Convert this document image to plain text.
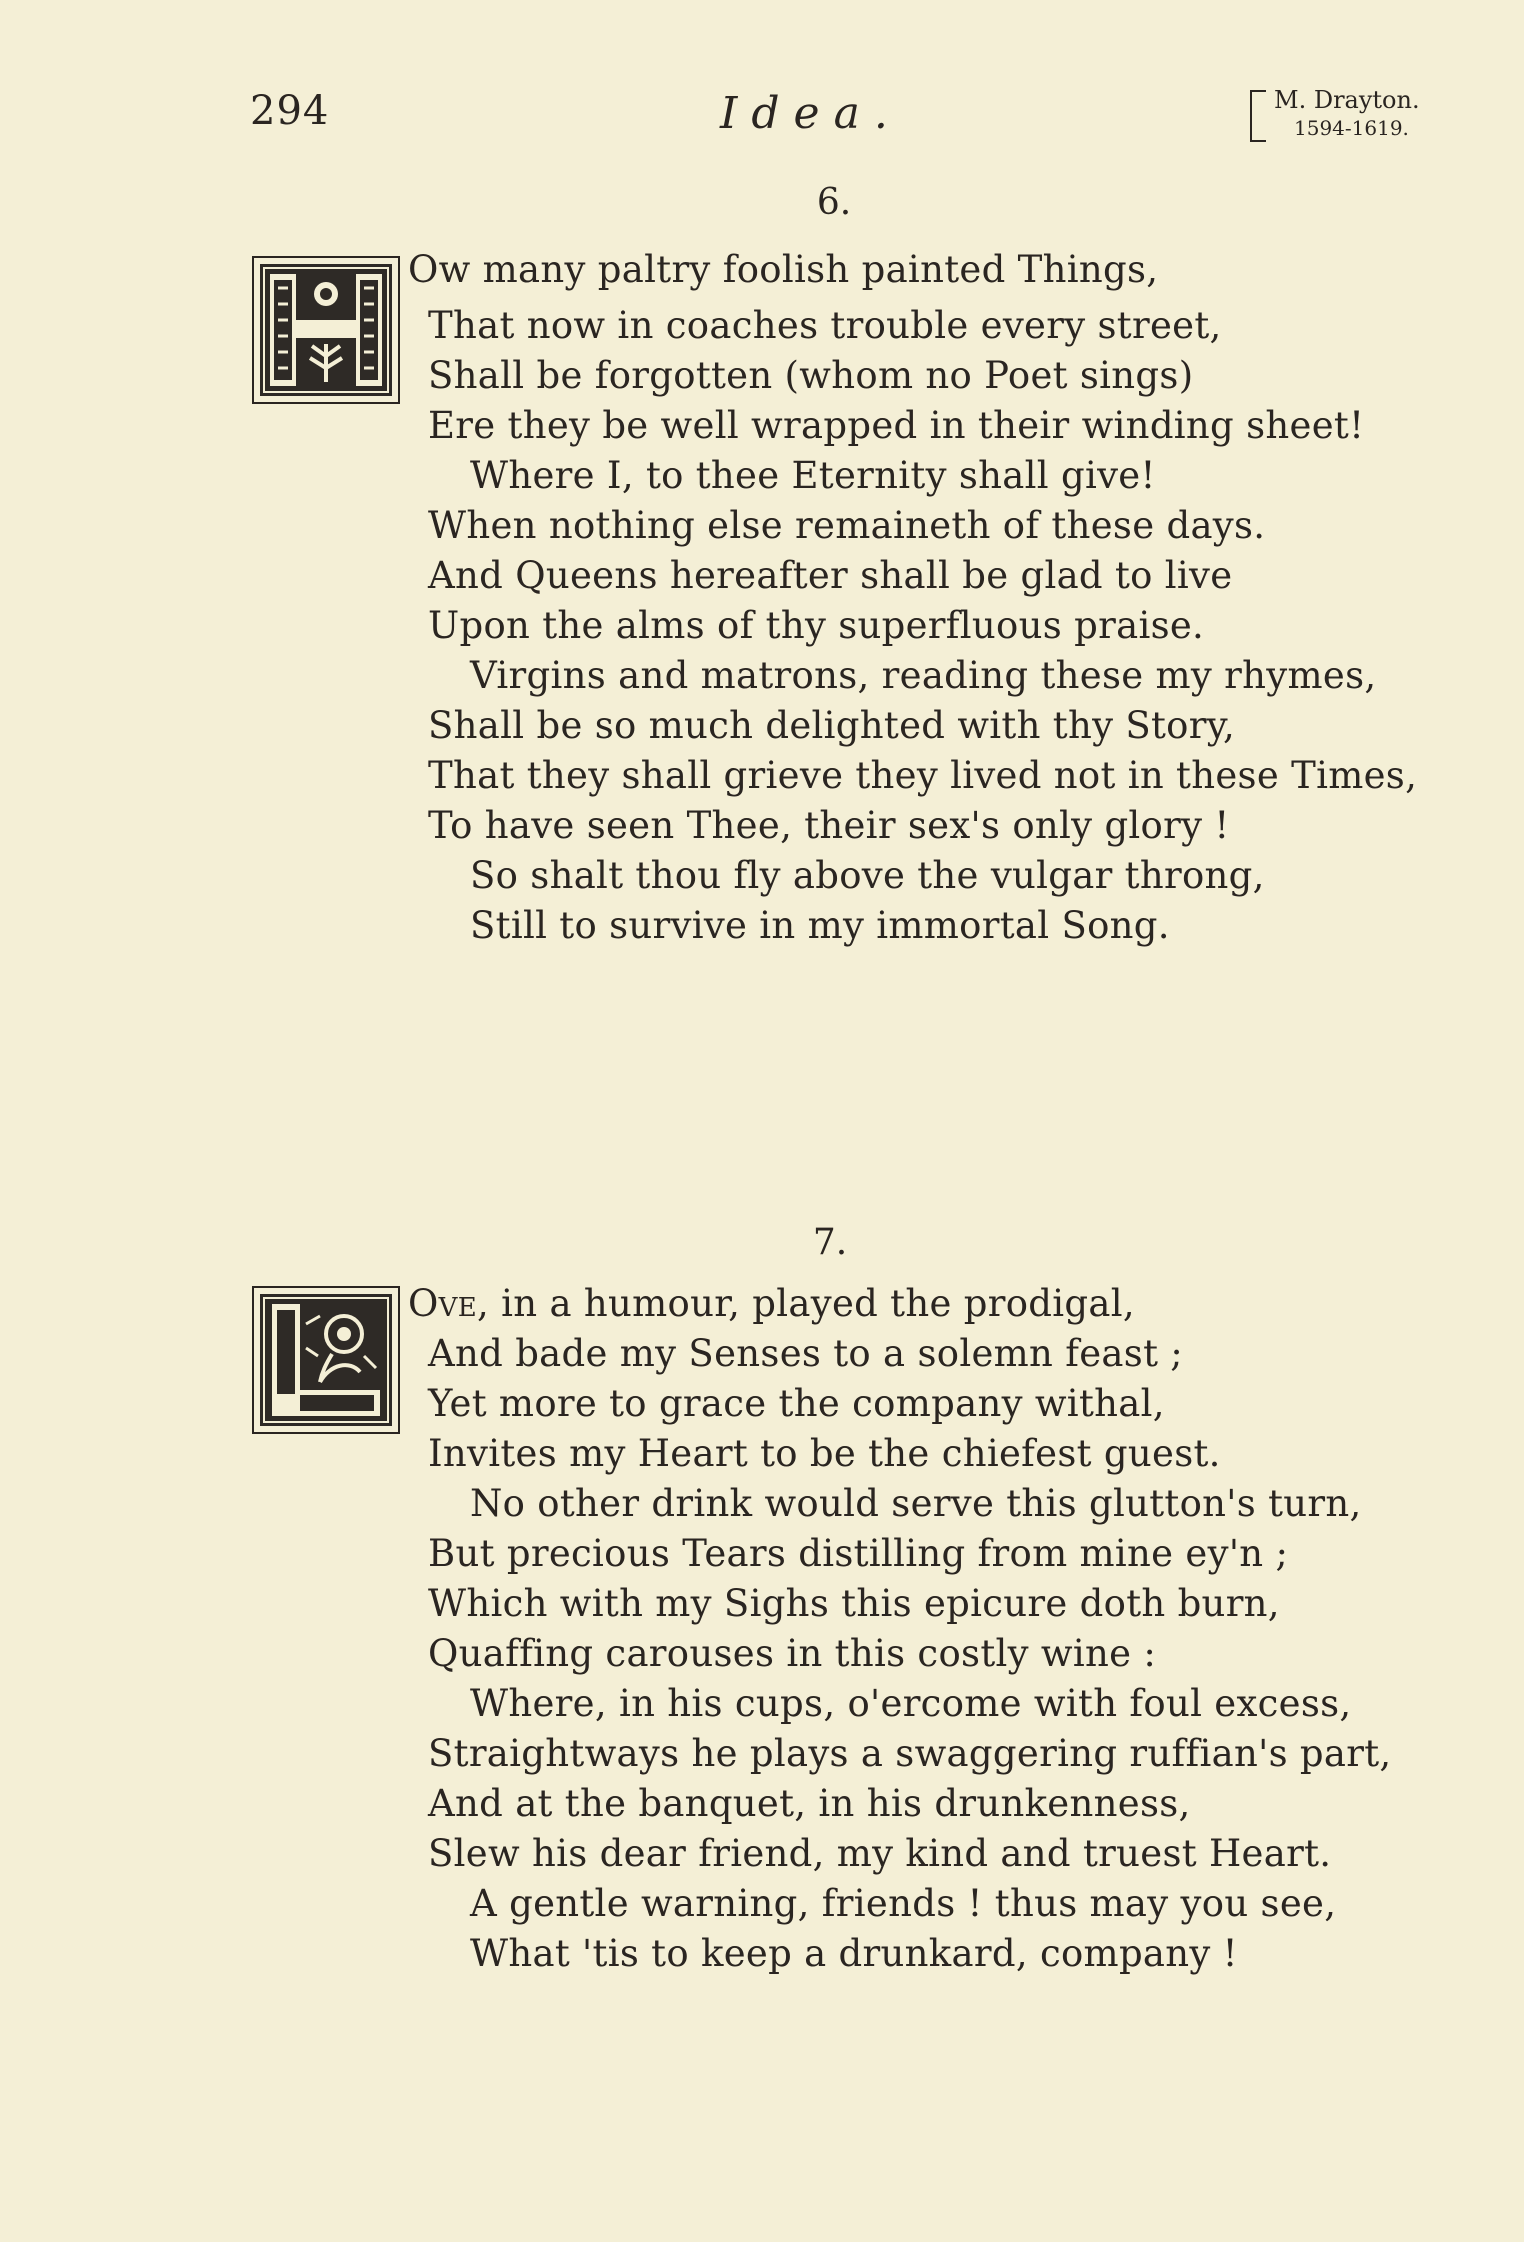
294	Idea.	M. Drayton.
1594-1619.
6.
Ow many paltry foolish painted Things,
That now in coaches trouble every street,
Shall be forgotten (whom no Poet sings)
Ere they be well wrapped in their winding sheet!
Where I, to thee Eternity shall give!
When nothing else remaineth of these days.
And Queens hereafter shall be glad to live
Upon the alms of thy superfluous praise.
Virgins and matrons, reading these my rhymes,
Shall be so much delighted with thy Story,
That they shall grieve they lived not in these Times,
To have seen Thee, their sex's only glory !
So shalt thou fly above the vulgar throng,
Still to survive in my immortal Song.
7.
Ove, in a humour, played the prodigal,
And bade my Senses to a solemn feast ;
Yet more to grace the company withal,
Invites my Heart to be the chiefest guest.
No other drink would serve this glutton's turn,
But precious Tears distilling from mine ey'n ;
Which with my Sighs this epicure doth burn,
Quaffing carouses in this costly wine :
Where, in his cups, o'ercome with foul excess,
Straightways he plays a swaggering ruffian's part,
And at the banquet, in his drunkenness,
Slew his dear friend, my kind and truest Heart.
A gentle warning, friends ! thus may you see,
What 'tis to keep a drunkard, company !
